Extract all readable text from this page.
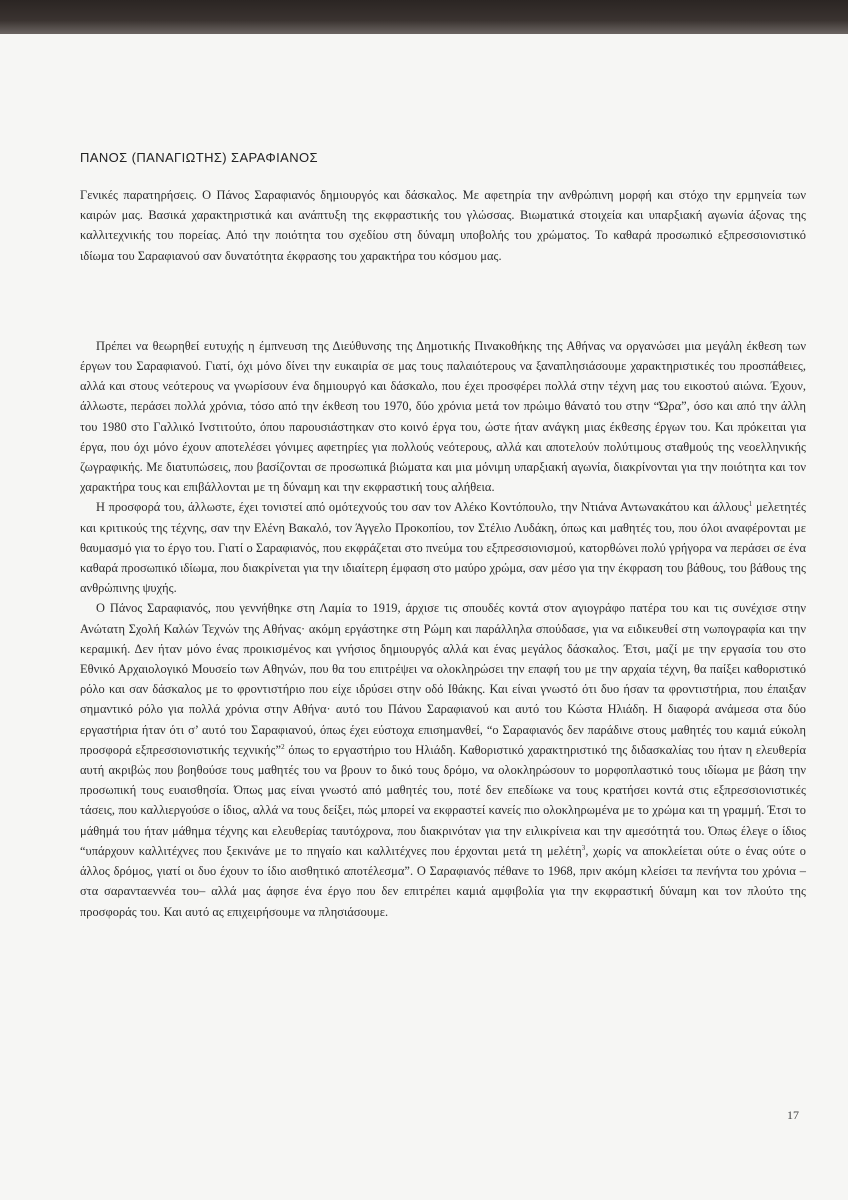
ΠΑΝΟΣ (ΠΑΝΑΓΙΩΤΗΣ) ΣΑΡΑΦΙΑΝΟΣ

Γενικές παρατηρήσεις. Ο Πάνος Σαραφιανός δημιουργός και δάσκαλος. Με αφετηρία την ανθρώπινη μορφή και στόχο την ερμηνεία των καιρών μας. Βασικά χαρακτηριστικά και ανάπτυξη της εκφραστικής του γλώσσας. Βιωματικά στοιχεία και υπαρξιακή αγωνία άξονας της καλλιτεχνικής του πορείας. Από την ποιότητα του σχεδίου στη δύναμη υποβολής του χρώματος. Το καθαρά προσωπικό εξπρεσσιονιστικό ιδίωμα του Σαραφιανού σαν δυνατότητα έκφρασης του χαρακτήρα του κόσμου μας.

Πρέπει να θεωρηθεί ευτυχής η έμπνευση της Διεύθυνσης της Δημοτικής Πινακοθήκης της Αθήνας να οργανώσει μια μεγάλη έκθεση των έργων του Σαραφιανού. Γιατί, όχι μόνο δίνει την ευκαιρία σε μας τους παλαιότερους να ξαναπλησιάσουμε χαρακτηριστικές του προσπάθειες, αλλά και στους νεότερους να γνωρίσουν ένα δημιουργό και δάσκαλο, που έχει προσφέρει πολλά στην τέχνη μας του εικοστού αιώνα. Έχουν, άλλωστε, περάσει πολλά χρόνια, τόσο από την έκθεση του 1970, δύο χρόνια μετά τον πρώιμο θάνατό του στην “Ώρα”, όσο και από την άλλη του 1980 στο Γαλλικό Ινστιτούτο, όπου παρουσιάστηκαν στο κοινό έργα του, ώστε ήταν ανάγκη μιας έκθεσης έργων του. Και πρόκειται για έργα, που όχι μόνο έχουν αποτελέσει γόνιμες αφετηρίες για πολλούς νεότερους, αλλά και αποτελούν πολύτιμους σταθμούς της νεοελληνικής ζωγραφικής. Με διατυπώσεις, που βασίζονται σε προσωπικά βιώματα και μια μόνιμη υπαρξιακή αγωνία, διακρίνονται για την ποιότητα και τον χαρακτήρα τους και επιβάλλονται με τη δύναμη και την εκφραστική τους αλήθεια.

Η προσφορά του, άλλωστε, έχει τονιστεί από ομότεχνούς του σαν τον Αλέκο Κοντόπουλο, την Ντιάνα Αντωνακάτου και άλλους$^1$ μελετητές και κριτικούς της τέχνης, σαν την Ελένη Βακαλό, τον Άγγελο Προκοπίου, τον Στέλιο Λυδάκη, όπως και μαθητές του, που όλοι αναφέρονται με θαυμασμό για το έργο του. Γιατί ο Σαραφιανός, που εκφράζεται στο πνεύμα του εξπρεσσιονισμού, κατορθώνει πολύ γρήγορα να περάσει σε ένα καθαρά προσωπικό ιδίωμα, που διακρίνεται για την ιδιαίτερη έμφαση στο μαύρο χρώμα, σαν μέσο για την έκφραση του βάθους, του βάθους της ανθρώπινης ψυχής.

Ο Πάνος Σαραφιανός, που γεννήθηκε στη Λαμία το 1919, άρχισε τις σπουδές κοντά στον αγιογράφο πατέρα του και τις συνέχισε στην Ανώτατη Σχολή Καλών Τεχνών της Αθήνας· ακόμη εργάστηκε στη Ρώμη και παράλληλα σπούδασε, για να ειδικευθεί στη νωπογραφία και την κεραμική. Δεν ήταν μόνο ένας προικισμένος και γνήσιος δημιουργός αλλά και ένας μεγάλος δάσκαλος. Έτσι, μαζί με την εργασία του στο Εθνικό Αρχαιολογικό Μουσείο των Αθηνών, που θα του επιτρέψει να ολοκληρώσει την επαφή του με την αρχαία τέχνη, θα παίξει καθοριστικό ρόλο και σαν δάσκαλος με το φροντιστήριο που είχε ιδρύσει στην οδό Ιθάκης. Και είναι γνωστό ότι δυο ήσαν τα φροντιστήρια, που έπαιξαν σημαντικό ρόλο για πολλά χρόνια στην Αθήνα· αυτό του Πάνου Σαραφιανού και αυτό του Κώστα Ηλιάδη. Η διαφορά ανάμεσα στα δύο εργαστήρια ήταν ότι σ’ αυτό του Σαραφιανού, όπως έχει εύστοχα επισημανθεί, “ο Σαραφιανός δεν παράδινε στους μαθητές του καμιά εύκολη προσφορά εξπρεσσιονιστικής τεχνικής”$^2$ όπως το εργαστήριο του Ηλιάδη. Καθοριστικό χαρακτηριστικό της διδασκαλίας του ήταν η ελευθερία αυτή ακριβώς που βοηθούσε τους μαθητές του να βρουν το δικό τους δρόμο, να ολοκληρώσουν το μορφοπλαστικό τους ιδίωμα με βάση την προσωπική τους ευαισθησία. Όπως μας είναι γνωστό από μαθητές του, ποτέ δεν επεδίωκε να τους κρατήσει κοντά στις εξπρεσσιονιστικές τάσεις, που καλλιεργούσε ο ίδιος, αλλά να τους δείξει, πώς μπορεί να εκφραστεί κανείς πιο ολοκληρωμένα με το χρώμα και τη γραμμή. Έτσι το μάθημά του ήταν μάθημα τέχνης και ελευθερίας ταυτόχρονα, που διακρινόταν για την ειλικρίνεια και την αμεσότητά του. Όπως έλεγε ο ίδιος “υπάρχουν καλλιτέχνες που ξεκινάνε με το πηγαίο και καλλιτέχνες που έρχονται μετά τη μελέτη$^3$, χωρίς να αποκλείεται ούτε ο ένας ούτε ο άλλος δρόμος, γιατί οι δυο έχουν το ίδιο αισθητικό αποτέλεσμα”. Ο Σαραφιανός πέθανε το 1968, πριν ακόμη κλείσει τα πενήντα του χρόνια –στα σαρανταεννέα του– αλλά μας άφησε ένα έργο που δεν επιτρέπει καμιά αμφιβολία για την εκφραστική δύναμη και τον πλούτο της προσφοράς του. Και αυτό ας επιχειρήσουμε να πλησιάσουμε.

17
